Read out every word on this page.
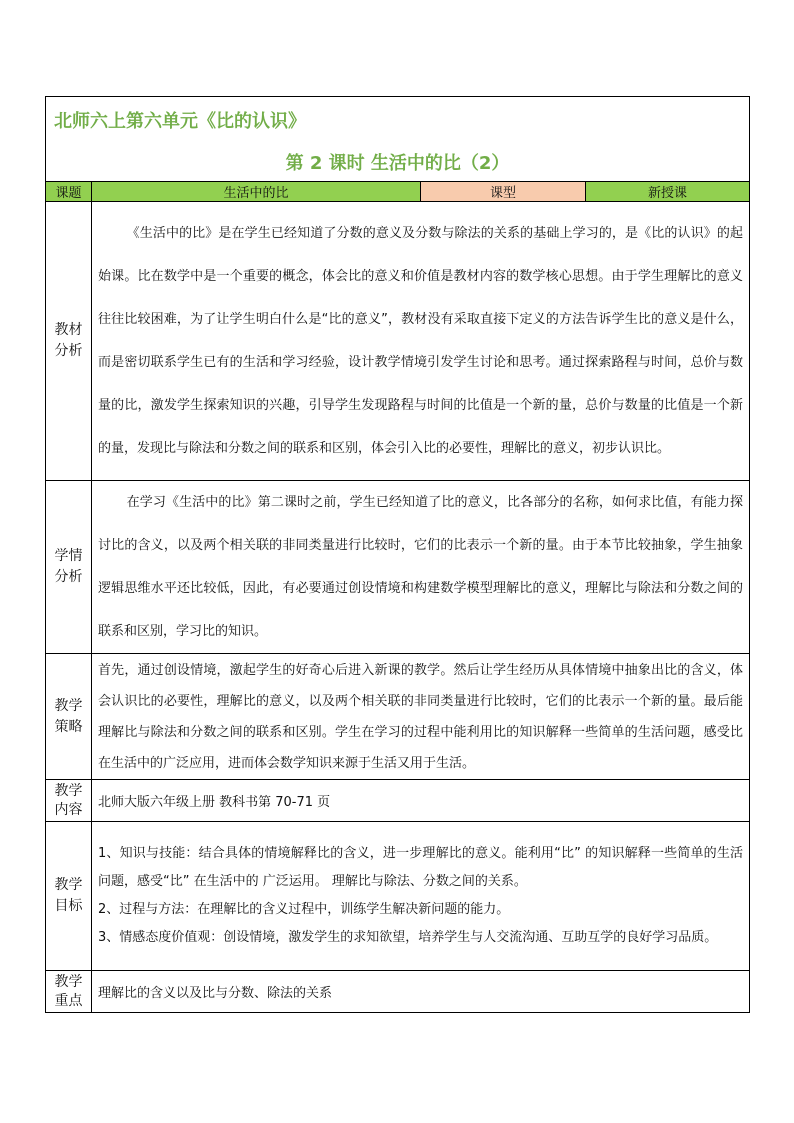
北师六上第六单元《比的认识》
第 2 课时 生活中的比（2）			

课题	生活中的比	课型	新授课

教材分析	《生活中的比》是在学生已经知道了分数的意义及分数与除法的关系的基础上学习的，是《比的认识》的起始课。比在数学中是一个重要的概念，体会比的意义和价值是教材内容的数学核心思想。由于学生理解比的意义往往比较困难，为了让学生明白什么是“比的意义”，教材没有采取直接下定义的方法告诉学生比的意义是什么，而是密切联系学生已有的生活和学习经验，设计教学情境引发学生讨论和思考。通过探索路程与时间，总价与数量的比，激发学生探索知识的兴趣，引导学生发现路程与时间的比值是一个新的量，总价与数量的比值是一个新的量，发现比与除法和分数之间的联系和区别，体会引入比的必要性，理解比的意义，初步认识比。		

学情分析	在学习《生活中的比》第二课时之前，学生已经知道了比的意义，比各部分的名称，如何求比值，有能力探讨比的含义，以及两个相关联的非同类量进行比较时，它们的比表示一个新的量。由于本节比较抽象，学生抽象逻辑思维水平还比较低，因此，有必要通过创设情境和构建数学模型理解比的意义，理解比与除法和分数之间的联系和区别，学习比的知识。		

教学策略	首先，通过创设情境，激起学生的好奇心后进入新课的教学。然后让学生经历从具体情境中抽象出比的含义，体会认识比的必要性，理解比的意义，以及两个相关联的非同类量进行比较时，它们的比表示一个新的量。最后能理解比与除法和分数之间的联系和区别。学生在学习的过程中能利用比的知识解释一些简单的生活问题，感受比在生活中的广泛应用，进而体会数学知识来源于生活又用于生活。		

教学内容	北师大版六年级上册 教科书第 70-71 页		

教学目标	1、知识与技能：结合具体的情境解释比的含义，进一步理解比的意义。能利用“比” 的知识解释一些简单的生活问题，感受“比” 在生活中的 广泛运用。 理解比与除法、分数之间的关系。

2、过程与方法：在理解比的含义过程中，训练学生解决新问题的能力。

3、情感态度价值观：创设情境，激发学生的求知欲望，培养学生与人交流沟通、互助互学的良好学习品质。		

教学重点	理解比的含义以及比与分数、除法的关系		
